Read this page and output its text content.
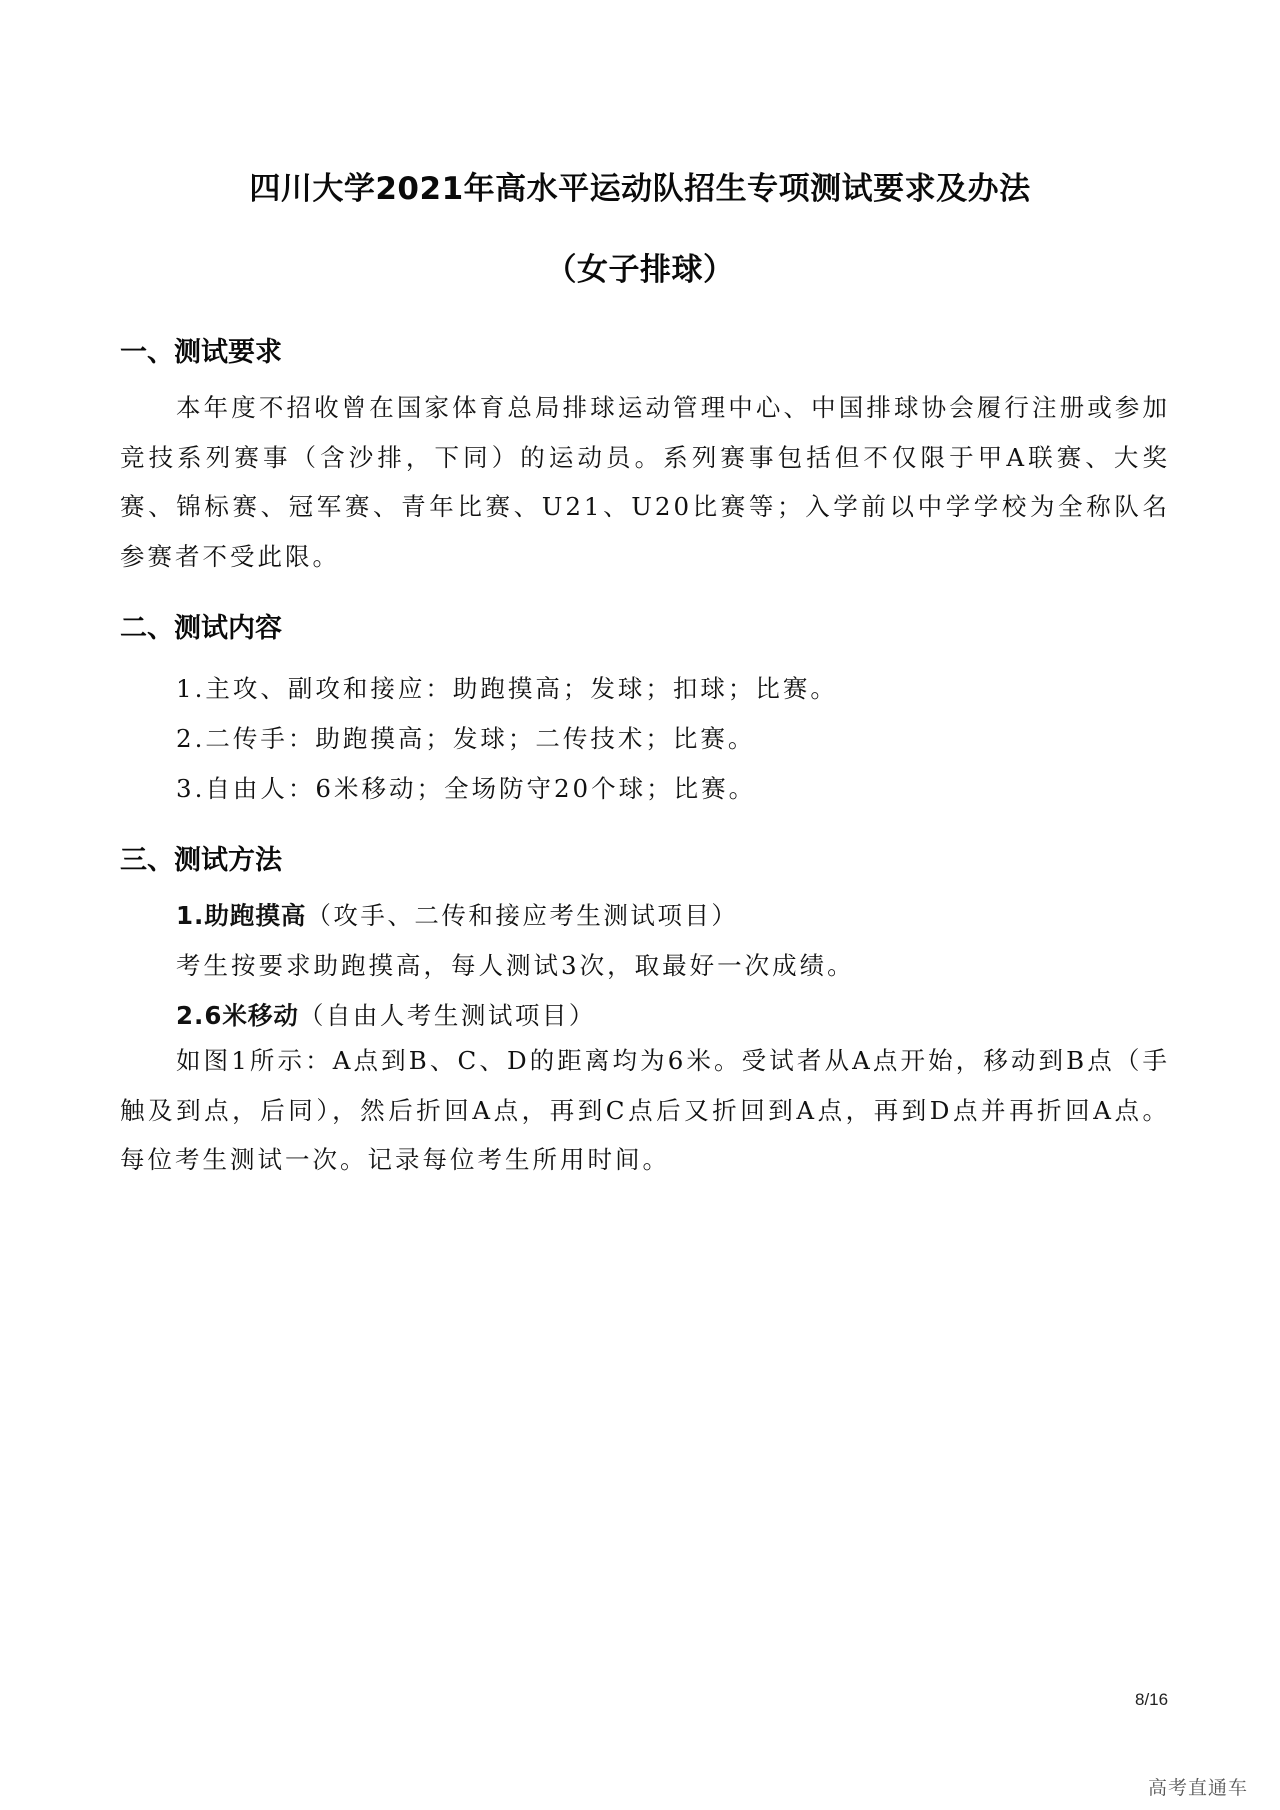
四川大学2021年高水平运动队招生专项测试要求及办法
（女子排球）
一、测试要求
本年度不招收曾在国家体育总局排球运动管理中心、中国排球协会履行注册或参加竞技系列赛事（含沙排，下同）的运动员。系列赛事包括但不仅限于甲A联赛、大奖赛、锦标赛、冠军赛、青年比赛、U21、U20比赛等；入学前以中学学校为全称队名参赛者不受此限。
二、测试内容
1.主攻、副攻和接应：助跑摸高；发球；扣球；比赛。
2.二传手：助跑摸高；发球；二传技术；比赛。
3.自由人：6米移动；全场防守20个球；比赛。
三、测试方法
1.助跑摸高（攻手、二传和接应考生测试项目）
考生按要求助跑摸高，每人测试3次，取最好一次成绩。
2.6米移动（自由人考生测试项目）
如图1所示：A点到B、C、D的距离均为6米。受试者从A点开始，移动到B点（手触及到点，后同），然后折回A点，再到C点后又折回到A点，再到D点并再折回A点。每位考生测试一次。记录每位考生所用时间。
8/16
高考直通车
